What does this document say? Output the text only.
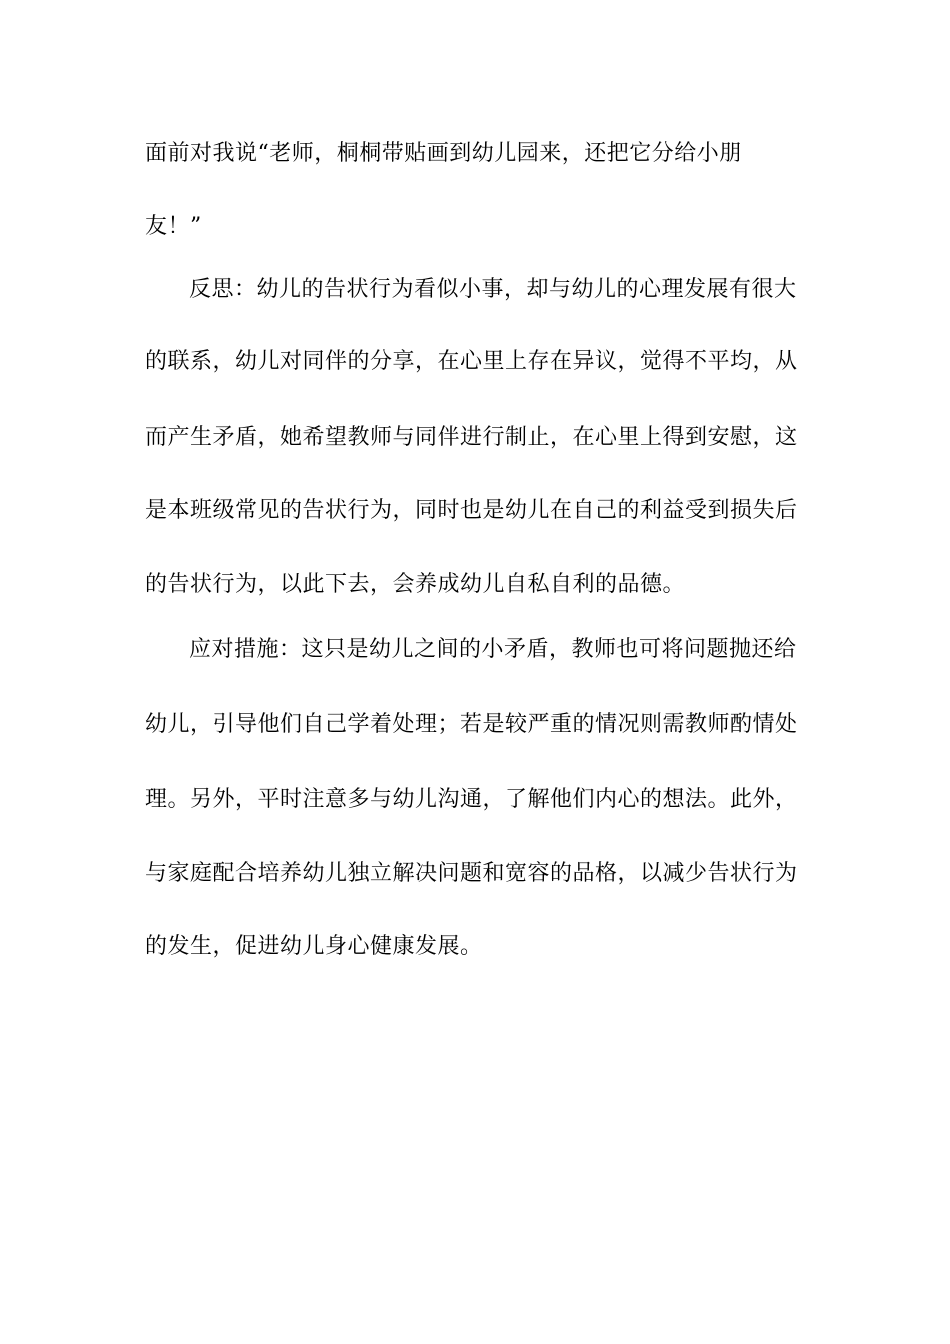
面前对我说“老师，桐桐带贴画到幼儿园来，还把它分给小朋
友！”
反思：幼儿的告状行为看似小事，却与幼儿的心理发展有很大
的联系，幼儿对同伴的分享，在心里上存在异议，觉得不平均，从
而产生矛盾，她希望教师与同伴进行制止，在心里上得到安慰，这
是本班级常见的告状行为，同时也是幼儿在自己的利益受到损失后
的告状行为，以此下去，会养成幼儿自私自利的品德。
应对措施：这只是幼儿之间的小矛盾，教师也可将问题抛还给
幼儿，引导他们自己学着处理；若是较严重的情况则需教师酌情处
理。另外，平时注意多与幼儿沟通，了解他们内心的想法。此外，
与家庭配合培养幼儿独立解决问题和宽容的品格，以减少告状行为
的发生，促进幼儿身心健康发展。
